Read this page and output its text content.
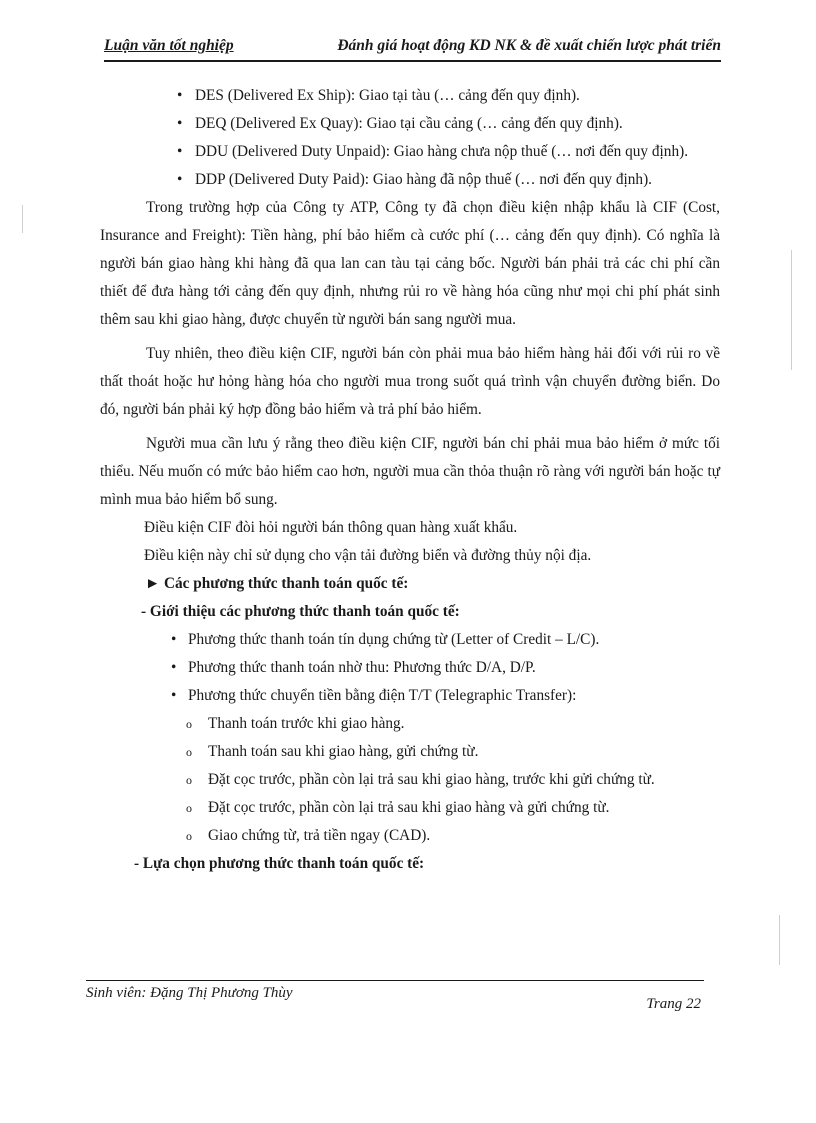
Luận văn tốt nghiệp	Đánh giá hoạt động KD NK & đề xuất chiến lược phát triển
• DES (Delivered Ex Ship): Giao tại tàu (… cảng đến quy định).
• DEQ (Delivered Ex Quay): Giao tại cầu cảng (… cảng đến quy định).
• DDU (Delivered Duty Unpaid): Giao hàng chưa nộp thuế (… nơi đến quy định).
• DDP (Delivered Duty Paid): Giao hàng đã nộp thuế (… nơi đến quy định).

Trong trường hợp của Công ty ATP, Công ty đã chọn điều kiện nhập khẩu là CIF (Cost, Insurance and Freight): Tiền hàng, phí bảo hiểm cà cước phí (… cảng đến quy định). Có nghĩa là người bán giao hàng khi hàng đã qua lan can tàu tại cảng bốc. Người bán phải trả các chi phí cần thiết để đưa hàng tới cảng đến quy định, nhưng rủi ro về hàng hóa cũng như mọi chi phí phát sinh thêm sau khi giao hàng, được chuyển từ người bán sang người mua.

Tuy nhiên, theo điều kiện CIF, người bán còn phải mua bảo hiểm hàng hải đối với rủi ro về thất thoát hoặc hư hỏng hàng hóa cho người mua trong suốt quá trình vận chuyển đường biển. Do đó, người bán phải ký hợp đồng bảo hiểm và trả phí bảo hiểm.

Người mua cần lưu ý rằng theo điều kiện CIF, người bán chỉ phải mua bảo hiểm ở mức tối thiểu. Nếu muốn có mức bảo hiểm cao hơn, người mua cần thỏa thuận rõ ràng với người bán hoặc tự mình mua bảo hiểm bổ sung.

Điều kiện CIF đòi hỏi người bán thông quan hàng xuất khẩu.
Điều kiện này chỉ sử dụng cho vận tải đường biển và đường thủy nội địa.
► Các phương thức thanh toán quốc tế:
- Giới thiệu các phương thức thanh toán quốc tế:
• Phương thức thanh toán tín dụng chứng từ (Letter of Credit – L/C).
• Phương thức thanh toán nhờ thu: Phương thức D/A, D/P.
• Phương thức chuyển tiền bằng điện T/T (Telegraphic Transfer):
o Thanh toán trước khi giao hàng.
o Thanh toán sau khi giao hàng, gửi chứng từ.
o Đặt cọc trước, phần còn lại trả sau khi giao hàng, trước khi gửi chứng từ.
o Đặt cọc trước, phần còn lại trả sau khi giao hàng và gửi chứng từ.
o Giao chứng từ, trả tiền ngay (CAD).
- Lựa chọn phương thức thanh toán quốc tế:
Sinh viên: Đặng Thị Phương Thùy
Trang 22
